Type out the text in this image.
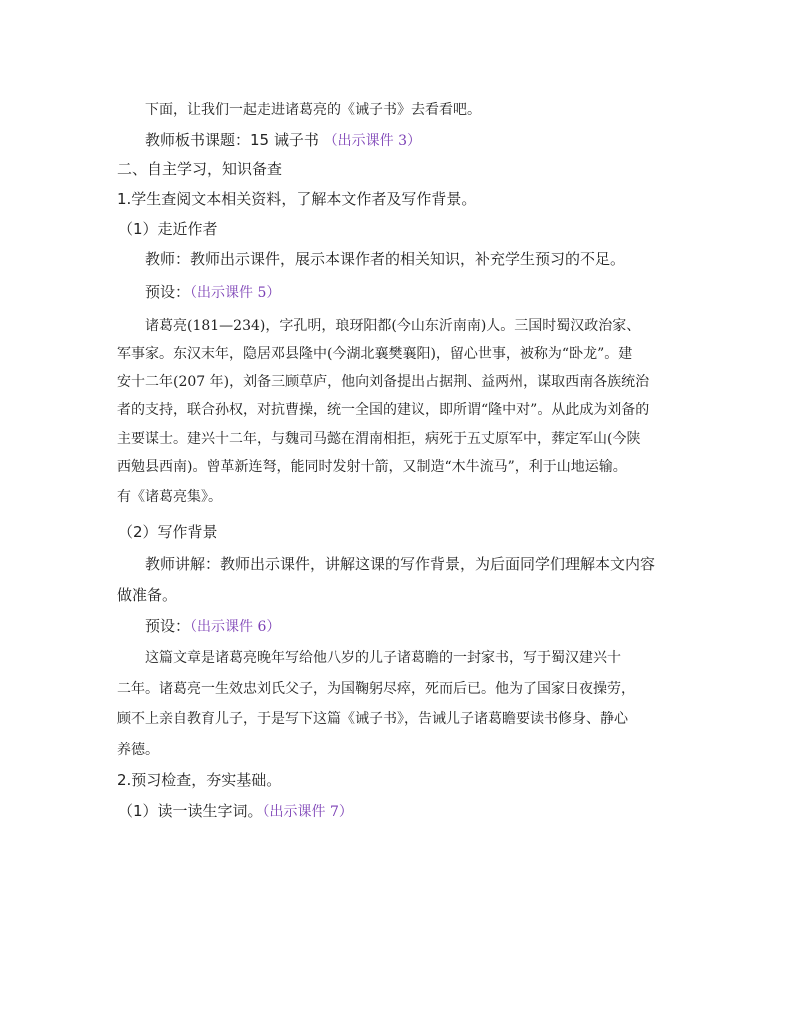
下面，让我们一起走进诸葛亮的《诫子书》去看看吧。
教师板书课题：15 诫子书 （出示课件 3）
二、自主学习，知识备查
1.学生查阅文本相关资料，了解本文作者及写作背景。
（1）走近作者
教师：教师出示课件，展示本课作者的相关知识，补充学生预习的不足。
预设：（出示课件 5）
诸葛亮(181—234)，字孔明，琅玡阳都(今山东沂南南)人。三国时蜀汉政治家、
军事家。东汉末年，隐居邓县隆中(今湖北襄樊襄阳)，留心世事，被称为“卧龙”。建
安十二年(207 年)，刘备三顾草庐，他向刘备提出占据荆、益两州，谋取西南各族统治
者的支持，联合孙权，对抗曹操，统一全国的建议，即所谓“隆中对”。从此成为刘备的
主要谋士。建兴十二年，与魏司马懿在渭南相拒，病死于五丈原军中，葬定军山(今陕
西勉县西南)。曾革新连弩，能同时发射十箭，又制造“木牛流马”，利于山地运输。
有《诸葛亮集》。
（2）写作背景
教师讲解：教师出示课件，讲解这课的写作背景，为后面同学们理解本文内容
做准备。
预设：（出示课件 6）
这篇文章是诸葛亮晚年写给他八岁的儿子诸葛瞻的一封家书，写于蜀汉建兴十
二年。诸葛亮一生效忠刘氏父子，为国鞠躬尽瘁，死而后已。他为了国家日夜操劳，
顾不上亲自教育儿子，于是写下这篇《诫子书》，告诫儿子诸葛瞻要读书修身、静心
养德。
2.预习检查，夯实基础。
（1）读一读生字词。（出示课件 7）
